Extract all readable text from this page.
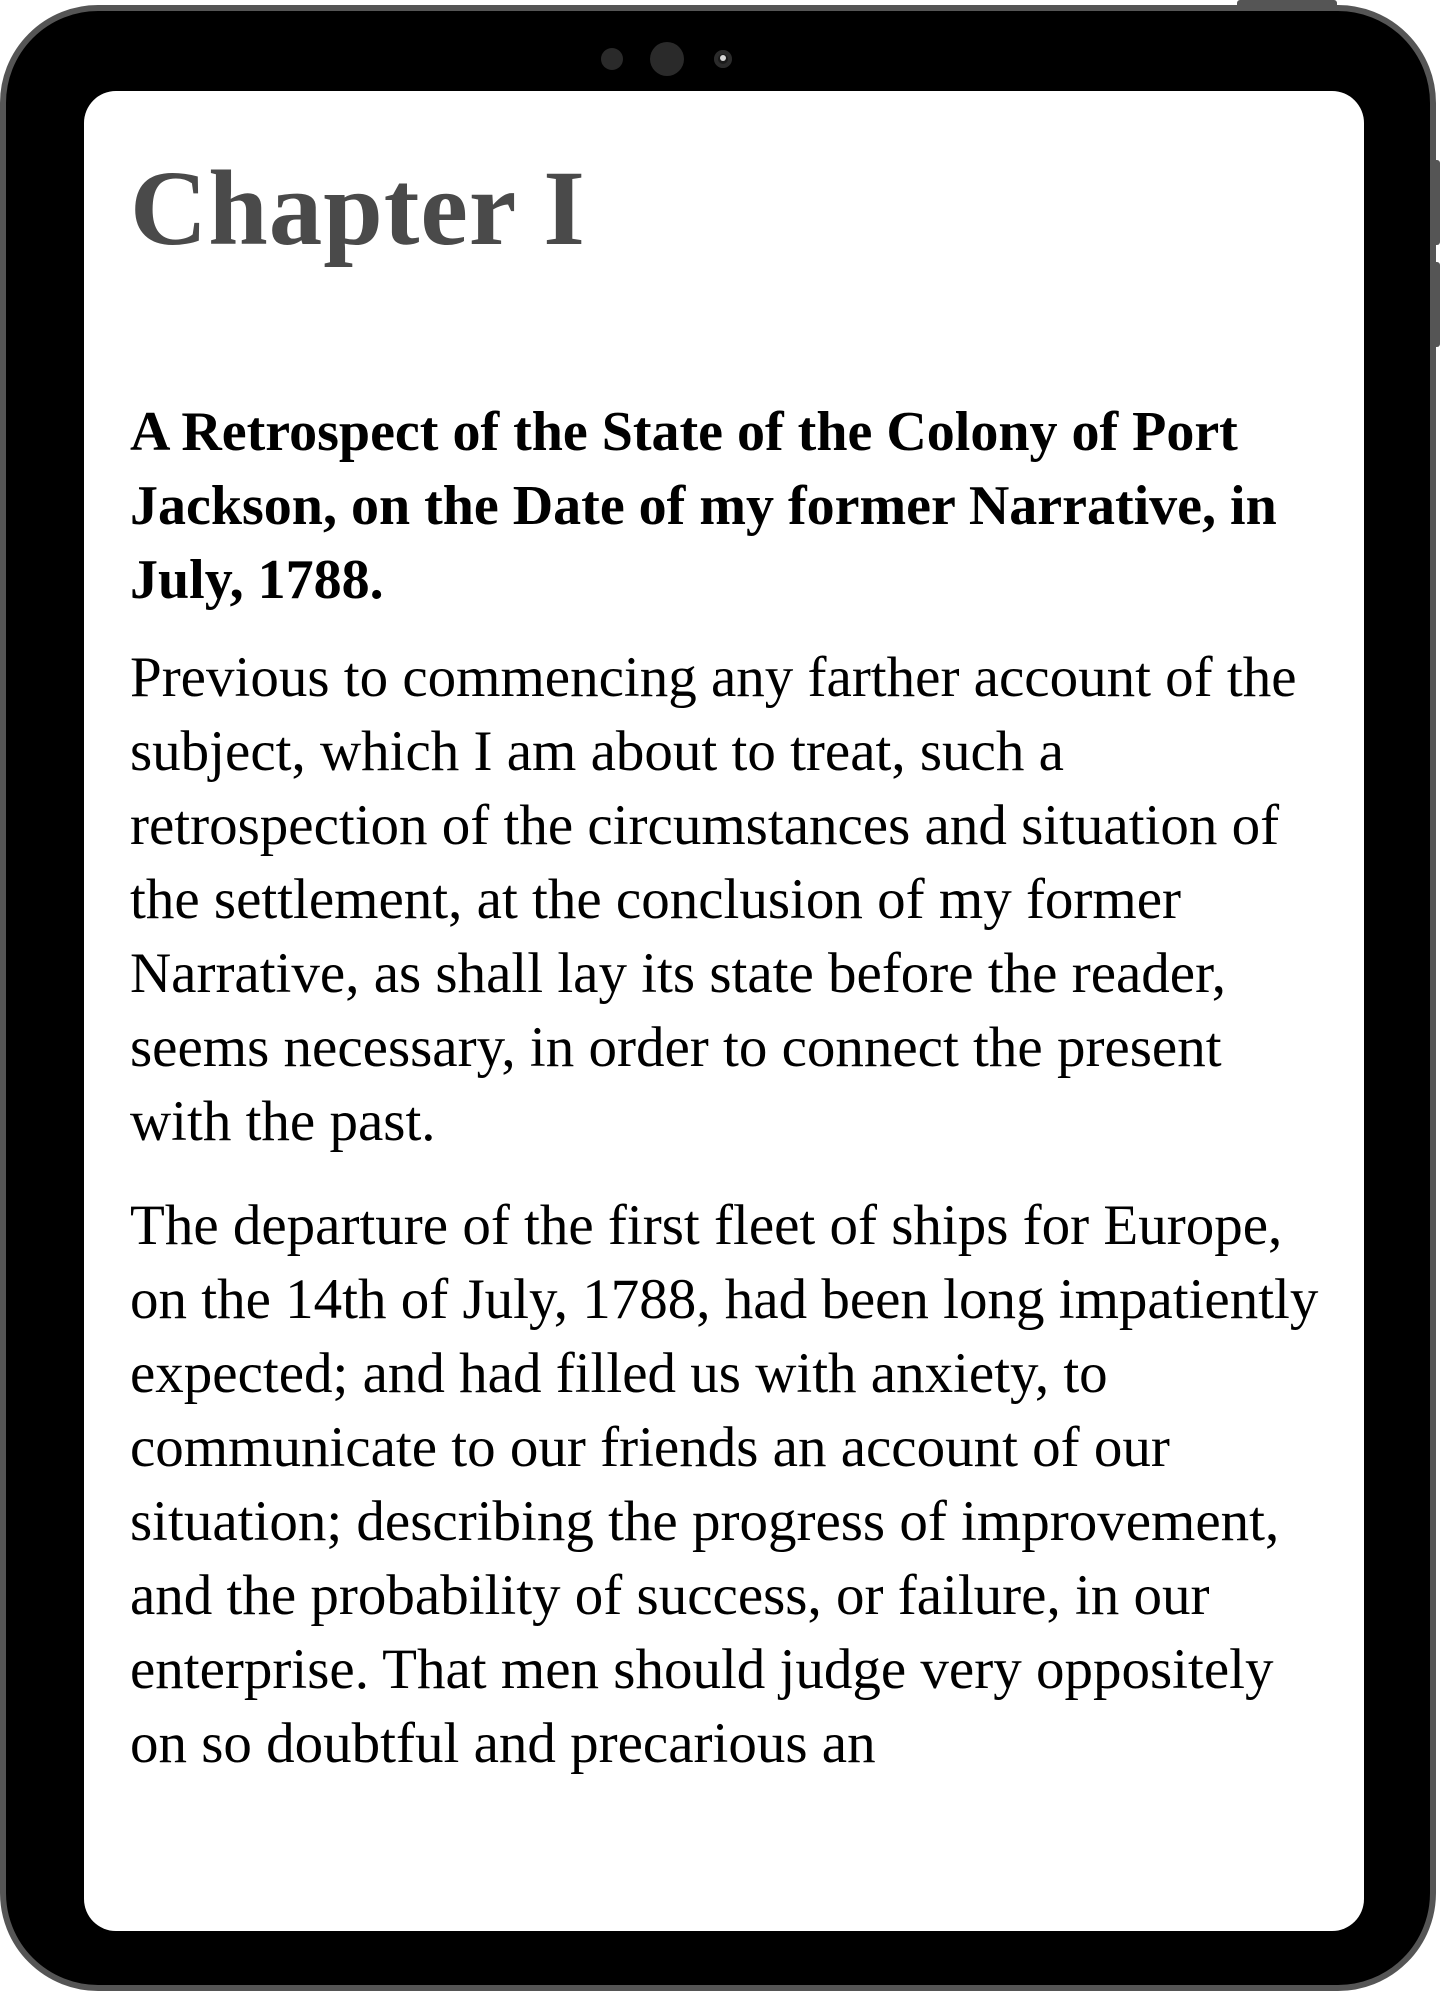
Chapter I
A Retrospect of the State of the Colony of Port Jackson, on the Date of my former Narrative, in July, 1788.

Previous to commencing any farther account of the subject, which I am about to treat, such a retrospection of the circumstances and situation of the settlement, at the conclusion of my former Narrative, as shall lay its state before the reader, seems necessary, in order to connect the present with the past.

The departure of the first fleet of ships for Europe, on the 14th of July, 1788, had been long impatiently expected; and had filled us with anxiety, to communicate to our friends an account of our situation; describing the progress of improvement, and the probability of success, or failure, in our enterprise. That men should judge very oppositely on so doubtful and precarious an
